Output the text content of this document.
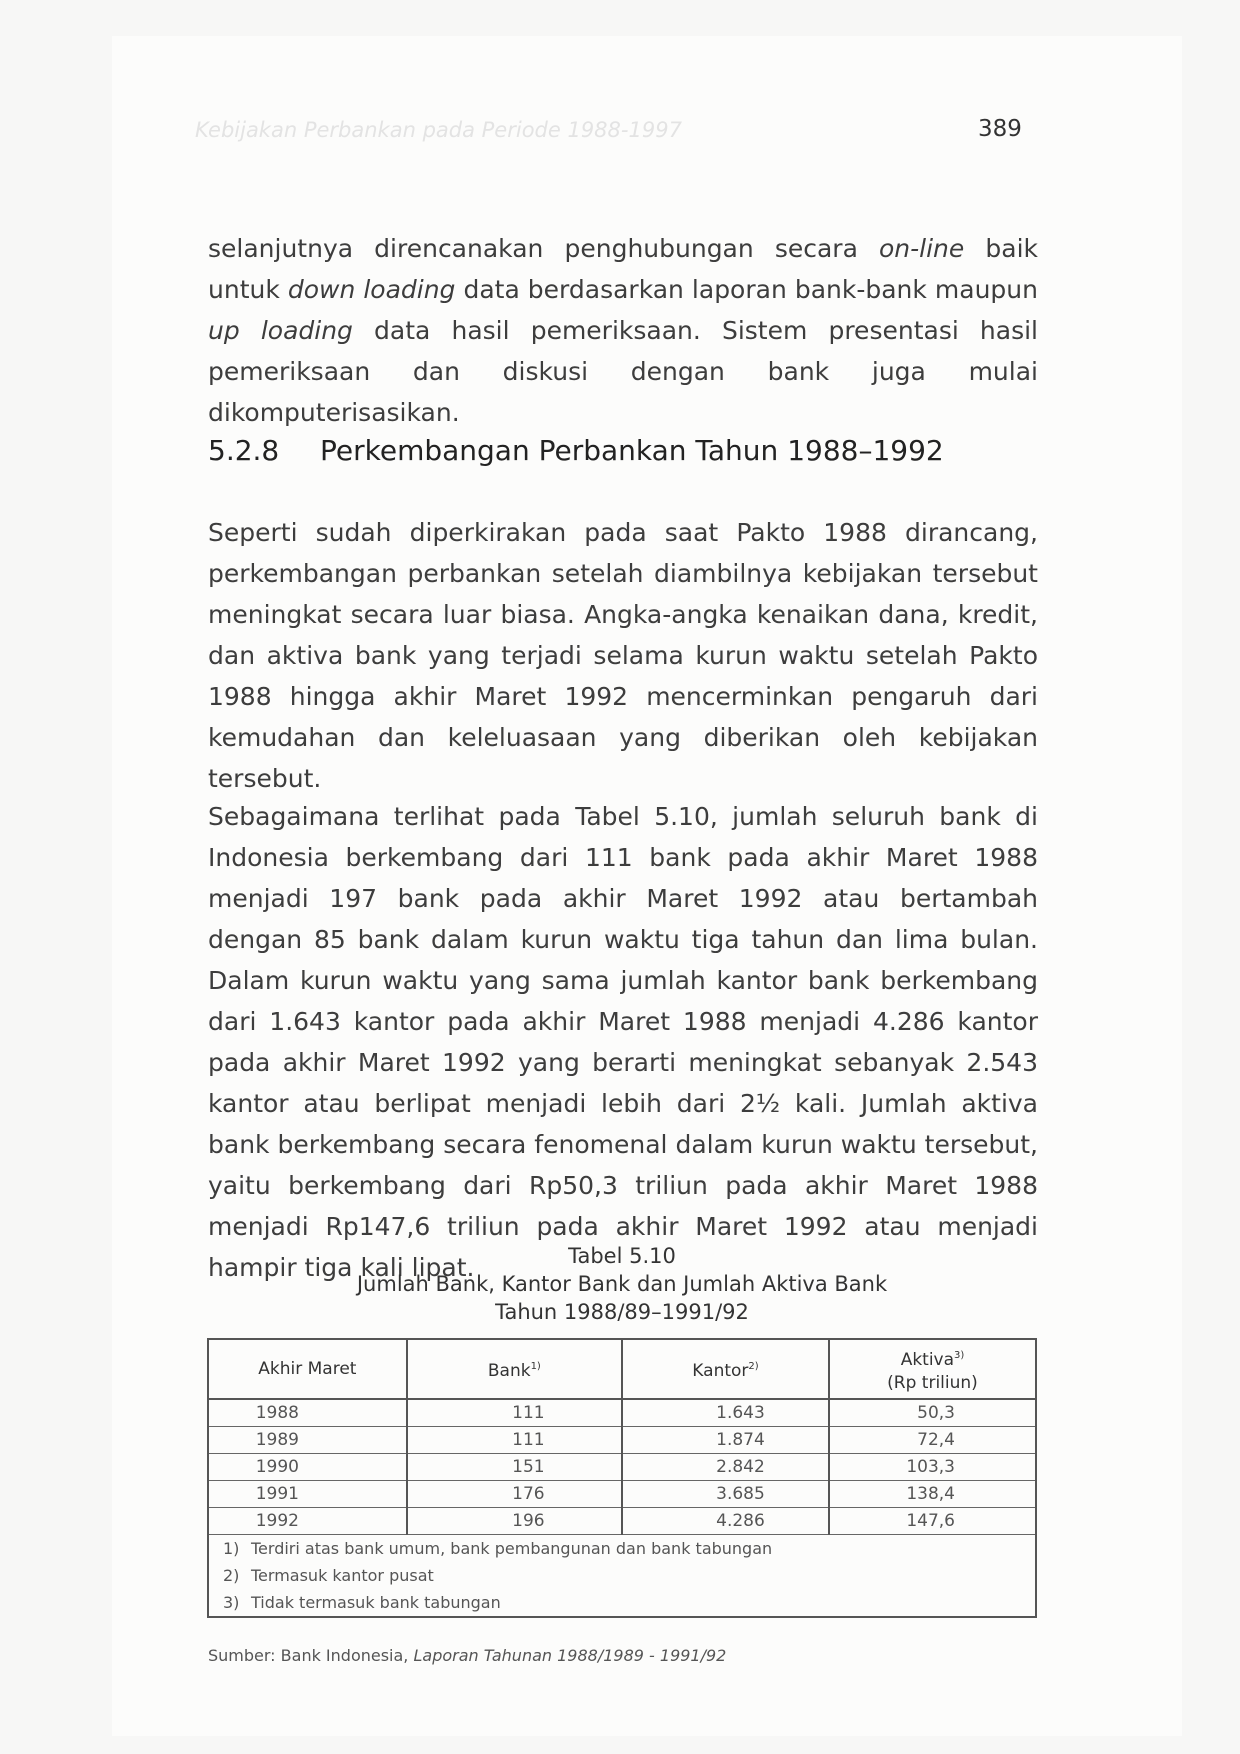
Kebijakan Perbankan pada Periode 1988-1997	389

selanjutnya direncanakan penghubungan secara on-line baik untuk down loading data berdasarkan laporan bank-bank maupun up loading data hasil pemeriksaan. Sistem presentasi hasil pemeriksaan dan diskusi dengan bank juga mulai dikomputerisasikan.

5.2.8 Perkembangan Perbankan Tahun 1988–1992

Seperti sudah diperkirakan pada saat Pakto 1988 dirancang, perkembangan perbankan setelah diambilnya kebijakan tersebut meningkat secara luar biasa. Angka-angka kenaikan dana, kredit, dan aktiva bank yang terjadi selama kurun waktu setelah Pakto 1988 hingga akhir Maret 1992 mencerminkan pengaruh dari kemudahan dan keleluasaan yang diberikan oleh kebijakan tersebut.

Sebagaimana terlihat pada Tabel 5.10, jumlah seluruh bank di Indonesia berkembang dari 111 bank pada akhir Maret 1988 menjadi 197 bank pada akhir Maret 1992 atau bertambah dengan 85 bank dalam kurun waktu tiga tahun dan lima bulan. Dalam kurun waktu yang sama jumlah kantor bank berkembang dari 1.643 kantor pada akhir Maret 1988 menjadi 4.286 kantor pada akhir Maret 1992 yang berarti meningkat sebanyak 2.543 kantor atau berlipat menjadi lebih dari 2½ kali. Jumlah aktiva bank berkembang secara fenomenal dalam kurun waktu tersebut, yaitu berkembang dari Rp50,3 triliun pada akhir Maret 1988 menjadi Rp147,6 triliun pada akhir Maret 1992 atau menjadi hampir tiga kali lipat.	Tabel 5.10
Jumlah Bank, Kantor Bank dan Jumlah Aktiva Bank
Tahun 1988/89–1991/92
Akhir Maret	Bank$^{1)}$	Kantor$^{2)}$	Aktiva$^{3)}$
(Rp triliun)
1988	111	1.643	50,3
1989	111	1.874	72,4
1990	151	2.842	103,3
1991	176	3.685	138,4
1992	196	4.286	147,6
1) Terdiri atas bank umum, bank pembangunan dan bank tabungan			
2) Termasuk kantor pusat			
3) Tidak termasuk bank tabungan			
Sumber: Bank Indonesia, Laporan Tahunan 1988/1989 - 1991/92
